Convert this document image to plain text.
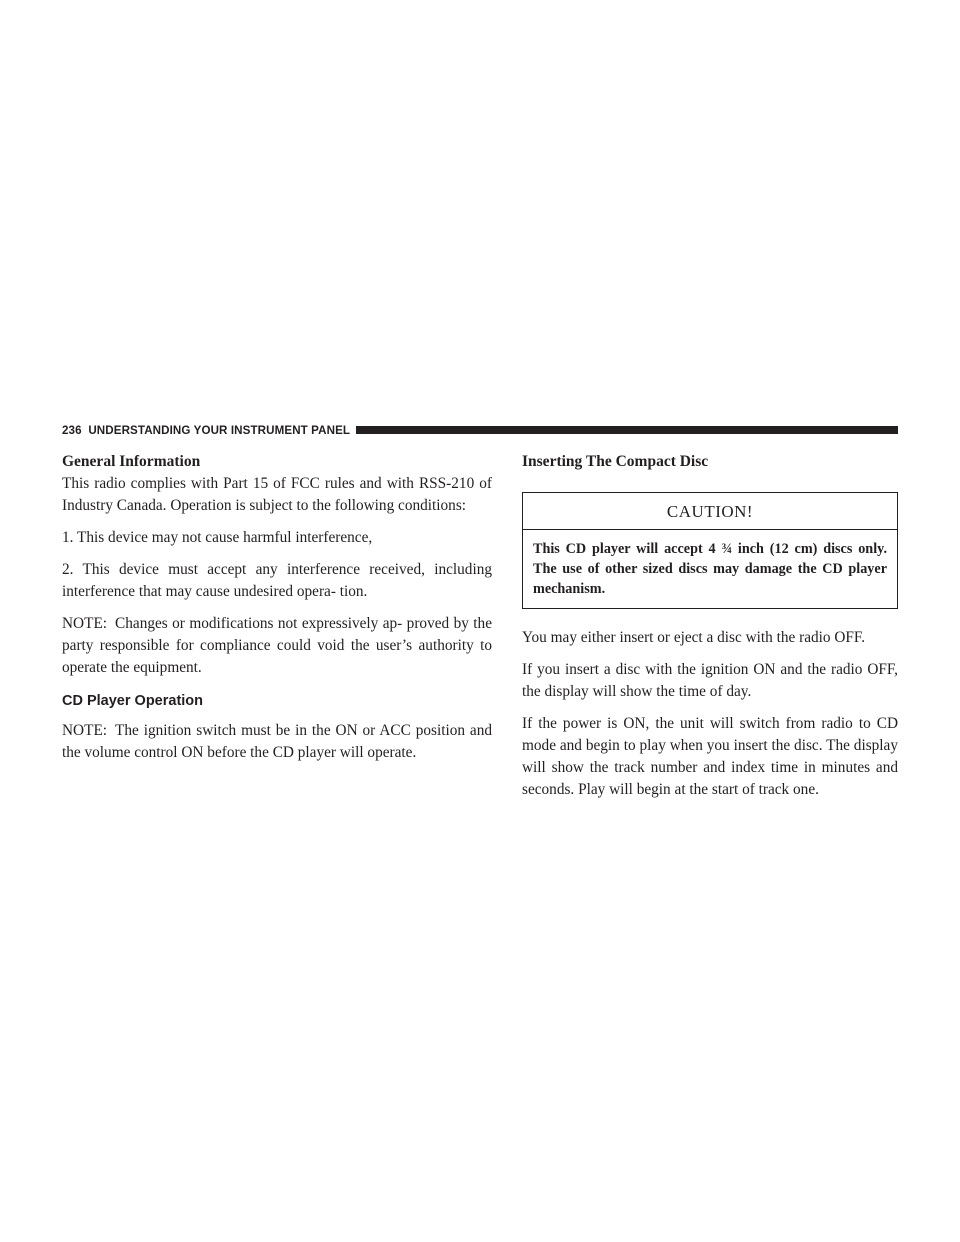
236 UNDERSTANDING YOUR INSTRUMENT PANEL
General Information

This radio complies with Part 15 of FCC rules and with RSS-210 of Industry Canada. Operation is subject to the following conditions:

1. This device may not cause harmful interference,

2. This device must accept any interference received, including interference that may cause undesired opera- tion.

NOTE: Changes or modifications not expressively ap- proved by the party responsible for compliance could void the user’s authority to operate the equipment.

CD Player Operation

NOTE: The ignition switch must be in the ON or ACC position and the volume control ON before the CD player will operate.

Inserting The Compact Disc
CAUTION!
This CD player will accept 4 ¾ inch (12 cm) discs only. The use of other sized discs may damage the CD player mechanism.

You may either insert or eject a disc with the radio OFF.

If you insert a disc with the ignition ON and the radio OFF, the display will show the time of day.

If the power is ON, the unit will switch from radio to CD mode and begin to play when you insert the disc. The display will show the track number and index time in minutes and seconds. Play will begin at the start of track one.
